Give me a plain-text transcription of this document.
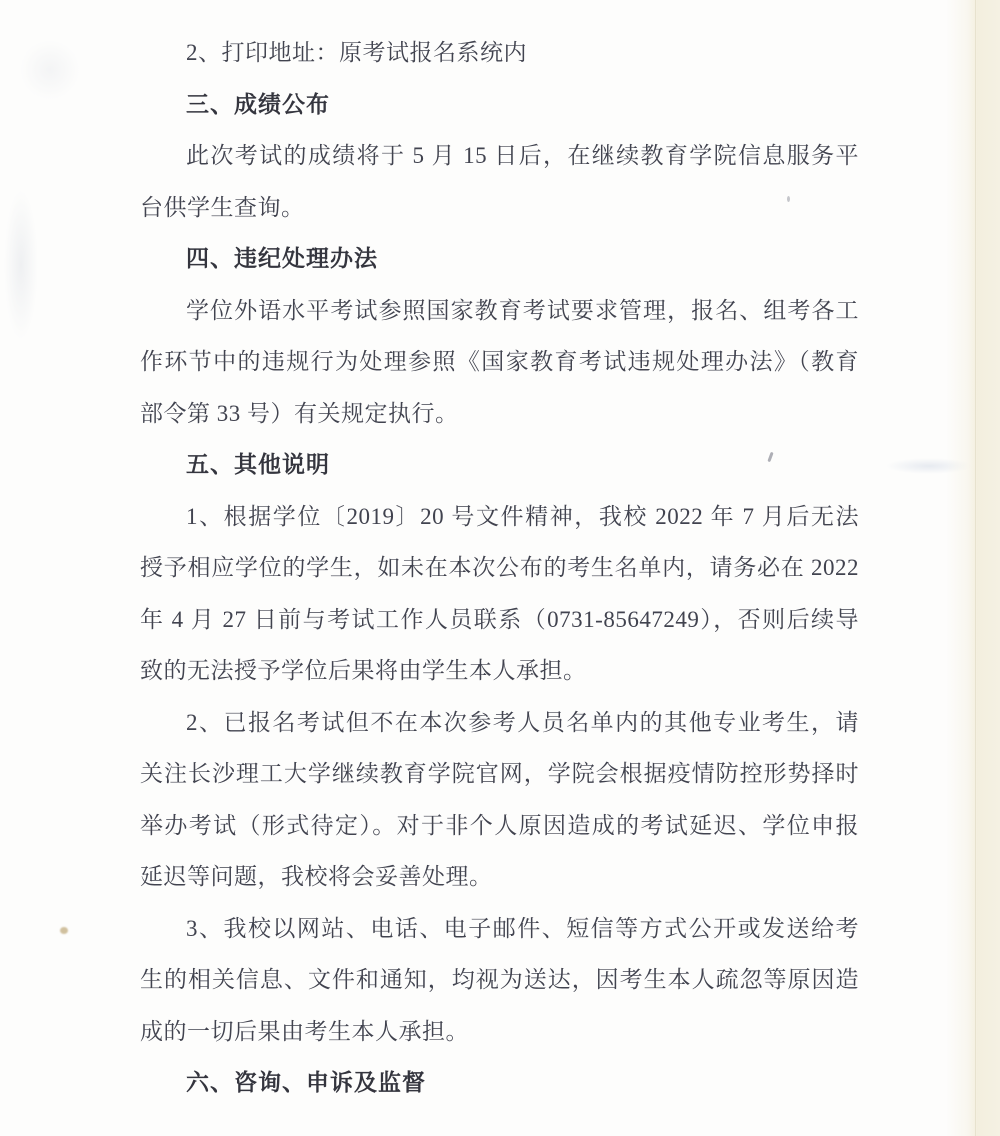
2、打印地址：原考试报名系统内
三、成绩公布
此次考试的成绩将于 5 月 15 日后，在继续教育学院信息服务平
台供学生查询。
四、违纪处理办法
学位外语水平考试参照国家教育考试要求管理，报名、组考各工
作环节中的违规行为处理参照《国家教育考试违规处理办法》（教育
部令第 33 号）有关规定执行。
五、其他说明
1、根据学位〔2019〕20 号文件精神，我校 2022 年 7 月后无法
授予相应学位的学生，如未在本次公布的考生名单内，请务必在 2022
年 4 月 27 日前与考试工作人员联系（0731-85647249），否则后续导
致的无法授予学位后果将由学生本人承担。
2、已报名考试但不在本次参考人员名单内的其他专业考生，请
关注长沙理工大学继续教育学院官网，学院会根据疫情防控形势择时
举办考试（形式待定）。对于非个人原因造成的考试延迟、学位申报
延迟等问题，我校将会妥善处理。
3、我校以网站、电话、电子邮件、短信等方式公开或发送给考
生的相关信息、文件和通知，均视为送达，因考生本人疏忽等原因造
成的一切后果由考生本人承担。
六、咨询、申诉及监督
